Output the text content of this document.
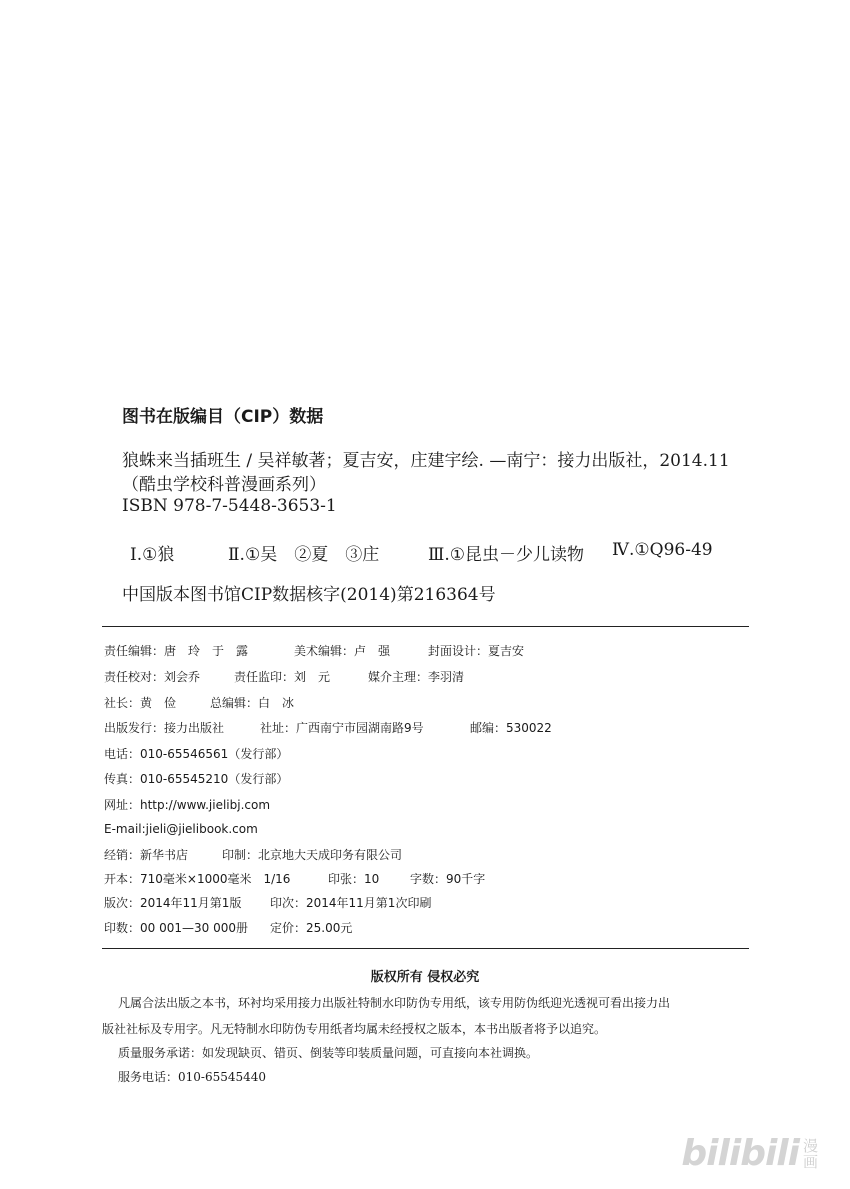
图书在版编目（CIP）数据
狼蛛来当插班生 / 吴祥敏著；夏吉安，庄建宇绘. —南宁：接力出版社，2014.11
（酷虫学校科普漫画系列）
ISBN 978-7-5448-3653-1
Ⅰ.①狼	Ⅱ.①吴　②夏　③庄	Ⅲ.①昆虫－少儿读物 Ⅳ.①Q96-49
中国版本图书馆CIP数据核字(2014)第216364号
责任编辑：唐　玲　于　露	美术编辑：卢　强	封面设计：夏吉安
责任校对：刘会乔	责任监印：刘　元	媒介主理：李羽清
社长：黄　俭	总编辑：白　冰
出版发行：接力出版社	社址：广西南宁市园湖南路9号	邮编：530022
电话：010-65546561（发行部）
传真：010-65545210（发行部）
网址：http://www.jielibj.com
E-mail:jieli@jielibook.com
经销：新华书店	印制：北京地大天成印务有限公司
开本：710毫米×1000毫米　1/16	印张：10	字数：90千字
版次：2014年11月第1版 印次：2014年11月第1次印刷
印数：00 001—30 000册 定价：25.00元
版权所有 侵权必究
凡属合法出版之本书，环衬均采用接力出版社特制水印防伪专用纸，该专用防伪纸迎光透视可看出接力出
版社社标及专用字。凡无特制水印防伪专用纸者均属未经授权之版本，本书出版者将予以追究。
质量服务承诺：如发现缺页、错页、倒装等印装质量问题，可直接向本社调换。
服务电话：010-65545440
bilibili 漫
画
